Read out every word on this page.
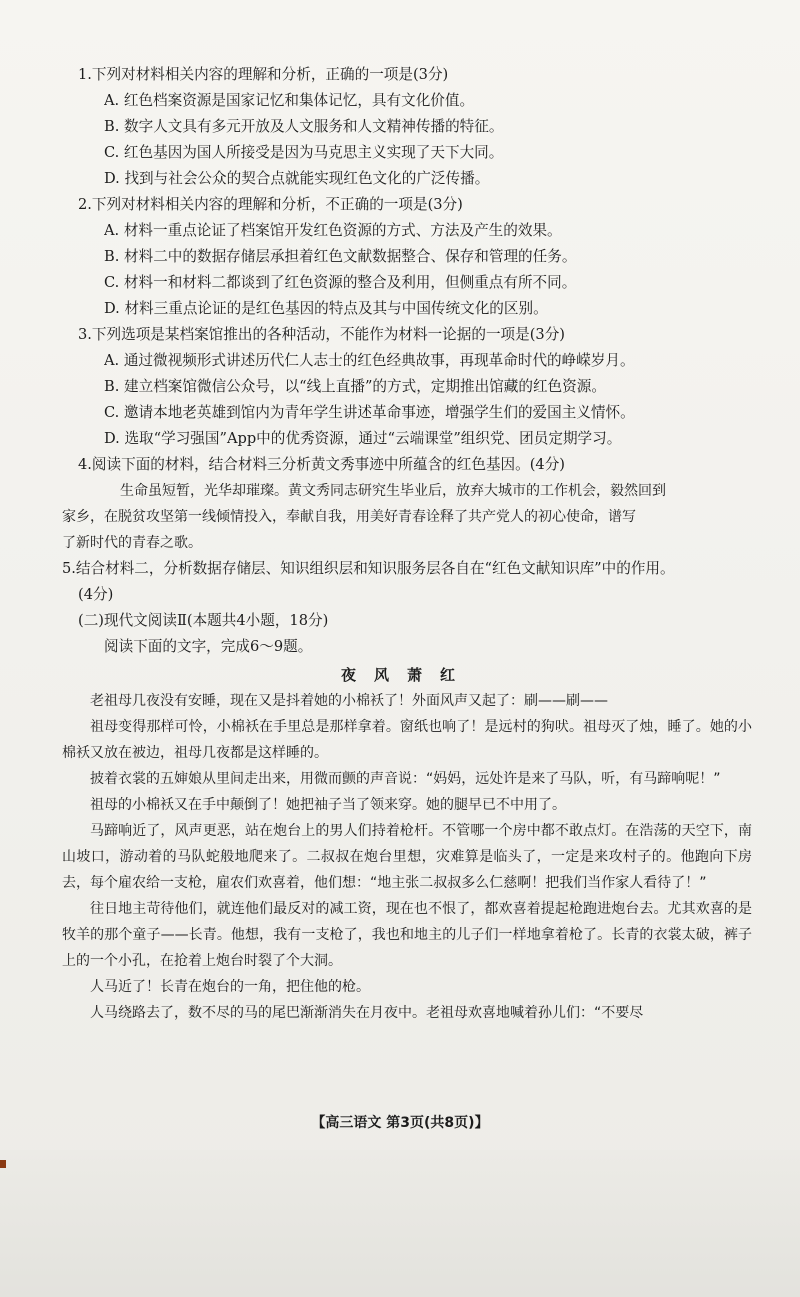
1.下列对材料相关内容的理解和分析，正确的一项是(3分)
A. 红色档案资源是国家记忆和集体记忆，具有文化价值。
B. 数字人文具有多元开放及人文服务和人文精神传播的特征。
C. 红色基因为国人所接受是因为马克思主义实现了天下大同。
D. 找到与社会公众的契合点就能实现红色文化的广泛传播。
2.下列对材料相关内容的理解和分析，不正确的一项是(3分)
A. 材料一重点论证了档案馆开发红色资源的方式、方法及产生的效果。
B. 材料二中的数据存储层承担着红色文献数据整合、保存和管理的任务。
C. 材料一和材料二都谈到了红色资源的整合及利用，但侧重点有所不同。
D. 材料三重点论证的是红色基因的特点及其与中国传统文化的区别。
3.下列选项是某档案馆推出的各种活动，不能作为材料一论据的一项是(3分)
A. 通过微视频形式讲述历代仁人志士的红色经典故事，再现革命时代的峥嵘岁月。
B. 建立档案馆微信公众号，以“线上直播”的方式，定期推出馆藏的红色资源。
C. 邀请本地老英雄到馆内为青年学生讲述革命事迹，增强学生们的爱国主义情怀。
D. 选取“学习强国”App中的优秀资源，通过“云端课堂”组织党、团员定期学习。
4.阅读下面的材料，结合材料三分析黄文秀事迹中所蕴含的红色基因。(4分)
生命虽短暂，光华却璀璨。黄文秀同志研究生毕业后，放弃大城市的工作机会，毅然回到
家乡，在脱贫攻坚第一线倾情投入，奉献自我，用美好青春诠释了共产党人的初心使命，谱写
了新时代的青春之歌。
5.结合材料二，分析数据存储层、知识组织层和知识服务层各自在“红色文献知识库”中的作用。
(4分)
(二)现代文阅读Ⅱ(本题共4小题，18分)
阅读下面的文字，完成6～9题。
夜风萧红
老祖母几夜没有安睡，现在又是抖着她的小棉袄了！外面风声又起了：刷——刷——
祖母变得那样可怜，小棉袄在手里总是那样拿着。窗纸也响了！是远村的狗吠。祖母灭了烛，睡了。她的小棉袄又放在被边，祖母几夜都是这样睡的。
披着衣裳的五婶娘从里间走出来，用微而颤的声音说：“妈妈，远处许是来了马队，听，有马蹄响呢！”
祖母的小棉袄又在手中颠倒了！她把袖子当了领来穿。她的腿早已不中用了。
马蹄响近了，风声更恶，站在炮台上的男人们持着枪杆。不管哪一个房中都不敢点灯。在浩荡的天空下，南山坡口，游动着的马队蛇般地爬来了。二叔叔在炮台里想，灾难算是临头了，一定是来攻村子的。他跑向下房去，每个雇农给一支枪，雇农们欢喜着，他们想：“地主张二叔叔多么仁慈啊！把我们当作家人看待了！”
往日地主苛待他们，就连他们最反对的减工资，现在也不恨了，都欢喜着提起枪跑进炮台去。尤其欢喜的是牧羊的那个童子——长青。他想，我有一支枪了，我也和地主的儿子们一样地拿着枪了。长青的衣裳太破，裤子上的一个小孔，在抢着上炮台时裂了个大洞。
人马近了！长青在炮台的一角，把住他的枪。
人马绕路去了，数不尽的马的尾巴渐渐消失在月夜中。老祖母欢喜地喊着孙儿们：“不要尽
【高三语文 第3页(共8页)】
